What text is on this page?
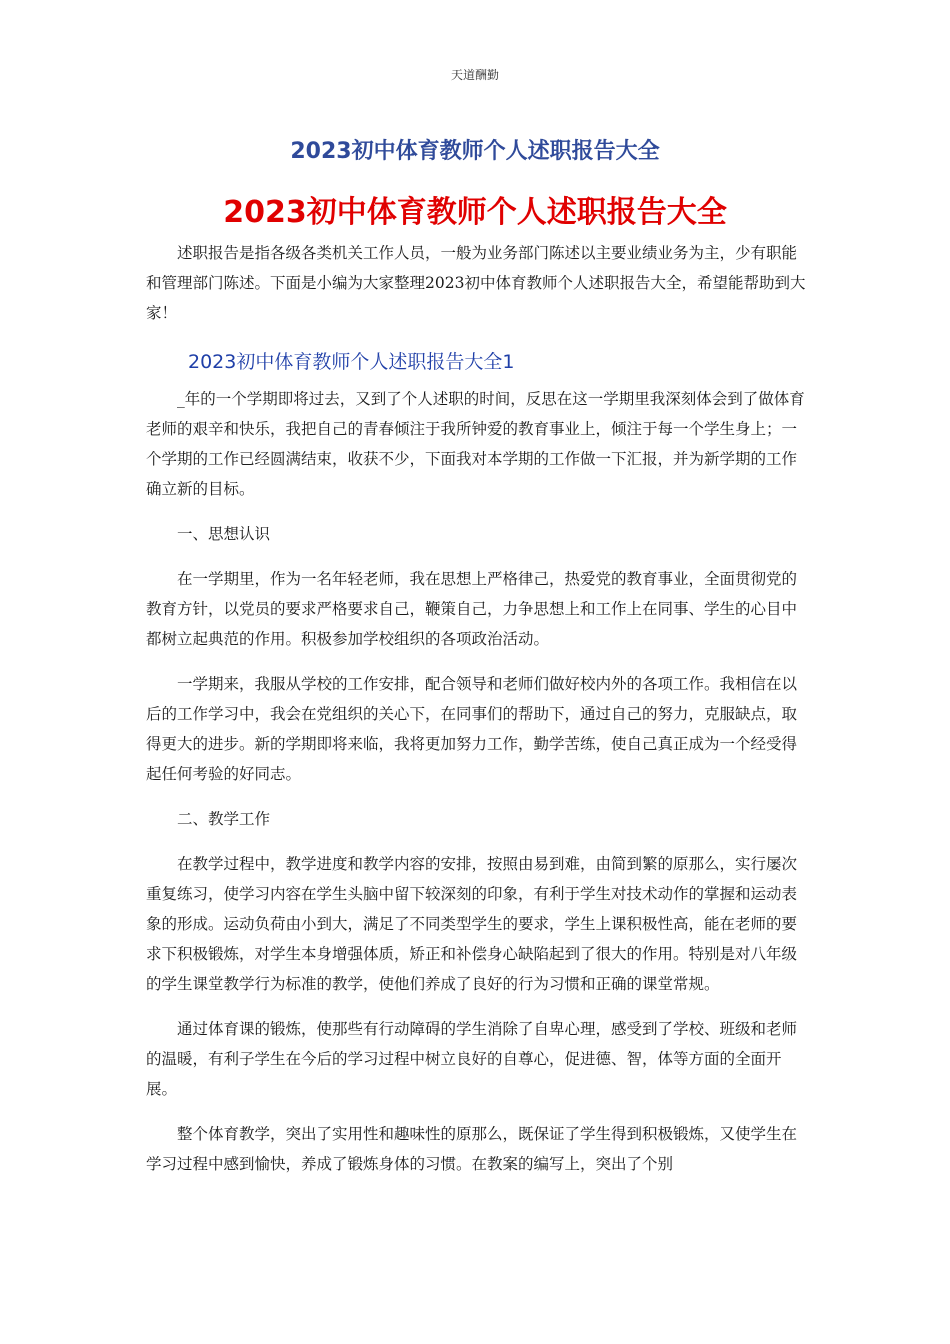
天道酬勤
2023初中体育教师个人述职报告大全
2023初中体育教师个人述职报告大全

述职报告是指各级各类机关工作人员，一般为业务部门陈述以主要业绩业务为主，少有职能和管理部门陈述。下面是小编为大家整理2023初中体育教师个人述职报告大全，希望能帮助到大家！

2023初中体育教师个人述职报告大全1

_年的一个学期即将过去，又到了个人述职的时间，反思在这一学期里我深刻体会到了做体育老师的艰辛和快乐，我把自己的青春倾注于我所钟爱的教育事业上，倾注于每一个学生身上；一个学期的工作已经圆满结束，收获不少，下面我对本学期的工作做一下汇报，并为新学期的工作确立新的目标。

一、思想认识

在一学期里，作为一名年轻老师，我在思想上严格律己，热爱党的教育事业，全面贯彻党的教育方针，以党员的要求严格要求自己，鞭策自己，力争思想上和工作上在同事、学生的心目中都树立起典范的作用。积极参加学校组织的各项政治活动。

一学期来，我服从学校的工作安排，配合领导和老师们做好校内外的各项工作。我相信在以后的工作学习中，我会在党组织的关心下，在同事们的帮助下，通过自己的努力，克服缺点，取得更大的进步。新的学期即将来临，我将更加努力工作，勤学苦练，使自己真正成为一个经受得起任何考验的好同志。

二、教学工作

在教学过程中，教学进度和教学内容的安排，按照由易到难，由简到繁的原那么，实行屡次重复练习，使学习内容在学生头脑中留下较深刻的印象，有利于学生对技术动作的掌握和运动表象的形成。运动负荷由小到大，满足了不同类型学生的要求，学生上课积极性高，能在老师的要求下积极锻炼，对学生本身增强体质，矫正和补偿身心缺陷起到了很大的作用。特别是对八年级的学生课堂教学行为标准的教学，使他们养成了良好的行为习惯和正确的课堂常规。

通过体育课的锻炼，使那些有行动障碍的学生消除了自卑心理，感受到了学校、班级和老师的温暖，有利子学生在今后的学习过程中树立良好的自尊心，促进德、智，体等方面的全面开展。

整个体育教学，突出了实用性和趣味性的原那么，既保证了学生得到积极锻炼，又使学生在学习过程中感到愉快，养成了锻炼身体的习惯。在教案的编写上，突出了个别
